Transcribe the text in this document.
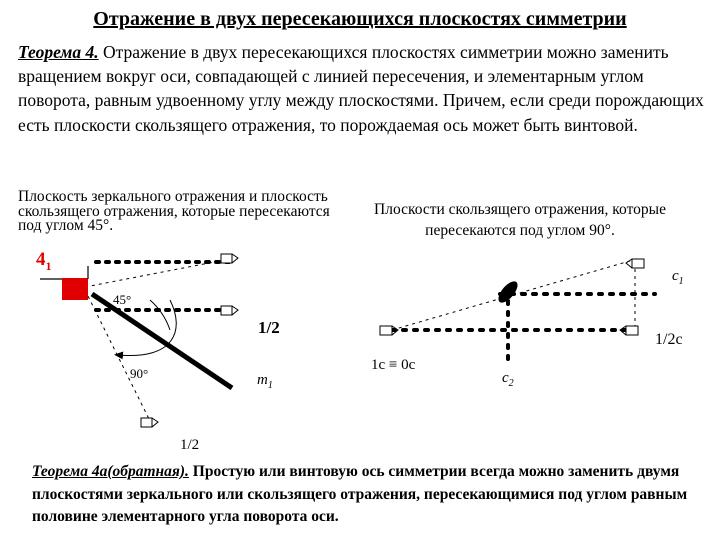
Отражение в двух пересекающихся плоскостях симметрии
Теорема 4. Отражение в двух пересекающихся плоскостях симметрии можно заменить вращением вокруг оси, совпадающей с линией пересечения, и элементарным углом поворота, равным удвоенному углу между плоскостями. Причем, если среди порождающих есть плоскости скользящего отражения, то порождаемая ось может быть винтовой.
Плоскость зеркального отражения и плоскость скользящего отражения, которые пересекаются под углом 45°.
Плоскости скользящего отражения, которые пересекаются под углом 90°.
$4_1$
45°
1/2
90°	$m_1$
1/2
$c_1$
1/2c
1c ≡ 0c
$c_2$
Теорема 4а(обратная). Простую или винтовую ось симметрии всегда можно заменить двумя плоскостями зеркального или скользящего отражения, пересекающимися под углом равным половине элементарного угла поворота оси.
